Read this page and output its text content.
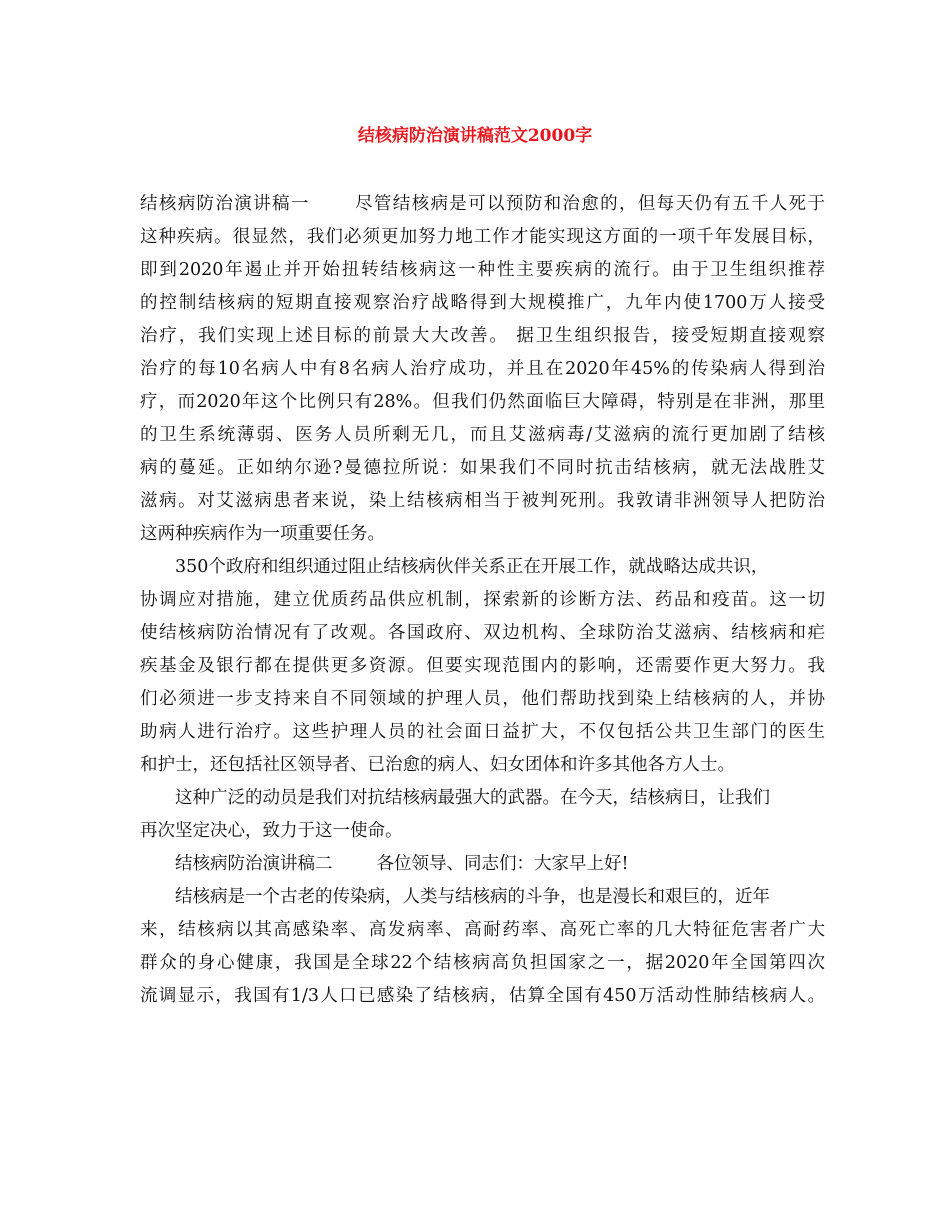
结核病防治演讲稿范文2000字
结核病防治演讲稿一	尽管结核病是可以预防和治愈的，但每天仍有五千人死于
这种疾病。很显然，我们必须更加努力地工作才能实现这方面的一项千年发展目标，
即到2020年遏止并开始扭转结核病这一种性主要疾病的流行。由于卫生组织推荐
的控制结核病的短期直接观察治疗战略得到大规模推广，九年内使1700万人接受
治疗，我们实现上述目标的前景大大改善。 据卫生组织报告，接受短期直接观察
治疗的每10名病人中有8名病人治疗成功，并且在2020年45%的传染病人得到治
疗，而2020年这个比例只有28%。但我们仍然面临巨大障碍，特别是在非洲，那里
的卫生系统薄弱、医务人员所剩无几，而且艾滋病毒/艾滋病的流行更加剧了结核
病的蔓延。正如纳尔逊?曼德拉所说：如果我们不同时抗击结核病，就无法战胜艾
滋病。对艾滋病患者来说，染上结核病相当于被判死刑。我敦请非洲领导人把防治
这两种疾病作为一项重要任务。
350个政府和组织通过阻止结核病伙伴关系正在开展工作，就战略达成共识，
协调应对措施，建立优质药品供应机制，探索新的诊断方法、药品和疫苗。这一切
使结核病防治情况有了改观。各国政府、双边机构、全球防治艾滋病、结核病和疟
疾基金及银行都在提供更多资源。但要实现范围内的影响，还需要作更大努力。我
们必须进一步支持来自不同领域的护理人员，他们帮助找到染上结核病的人，并协
助病人进行治疗。这些护理人员的社会面日益扩大，不仅包括公共卫生部门的医生
和护士，还包括社区领导者、已治愈的病人、妇女团体和许多其他各方人士。
这种广泛的动员是我们对抗结核病最强大的武器。在今天，结核病日，让我们
再次坚定决心，致力于这一使命。
结核病防治演讲稿二	各位领导、同志们：大家早上好!
结核病是一个古老的传染病，人类与结核病的斗争，也是漫长和艰巨的，近年
来，结核病以其高感染率、高发病率、高耐药率、高死亡率的几大特征危害者广大
群众的身心健康，我国是全球22个结核病高负担国家之一，据2020年全国第四次
流调显示，我国有1/3人口已感染了结核病，估算全国有450万活动性肺结核病人。
